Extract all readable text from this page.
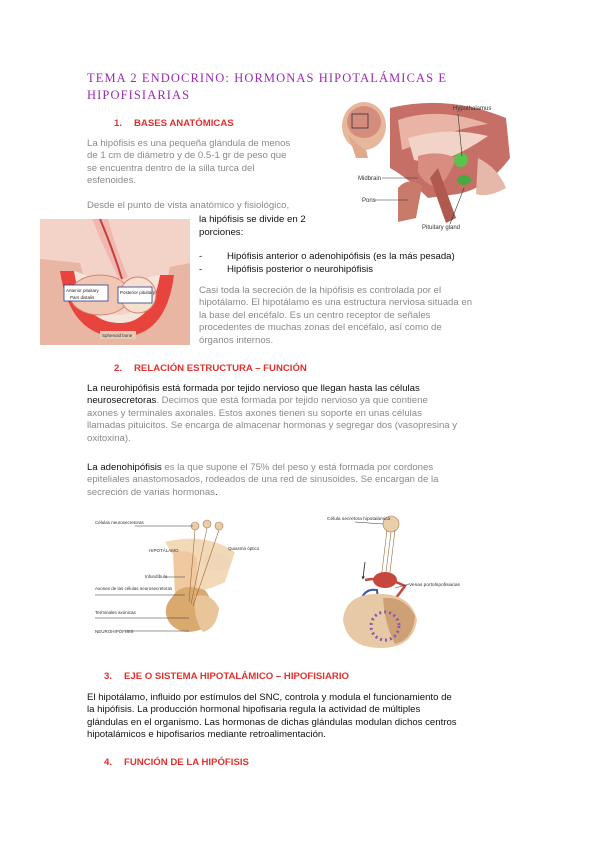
TEMA 2 ENDOCRINO: HORMONAS HIPOTALÁMICAS E
HIPOFISIARIAS
1. BASES ANATÓMICAS
La hipófisis es una pequeña glándula de menos
de 1 cm de diámetro y de 0.5-1 gr de peso que
se encuentra dentro de la silla turca del
esfenoides.
Desde el punto de vista anatómico y fisiológico,
la hipófisis se divide en 2
porciones:
-	Hipófisis anterior o adenohipófisis (es la más pesada)
-	Hipófisis posterior o neurohipófisis
Casi toda la secreción de la hipófisis es controlada por el
hipotálamo. El hipotálamo es una estructura nerviosa situada en
la base del encéfalo. Es un centro receptor de señales
procedentes de muchas zonas del encéfalo, así como de
órganos internos.
2. RELACIÓN ESTRUCTURA – FUNCIÓN
La neurohipófisis está formada por tejido nervioso que llegan hasta las células
neurosecretoras. Decimos que está formada por tejido nervioso ya que contiene
axones y terminales axonales. Estos axones tienen su soporte en unas células
llamadas pituicitos. Se encarga de almacenar hormonas y segregar dos (vasopresina y
oxitoxina).
La adenohipófisis es la que supone el 75% del peso y está formada por cordones
epiteliales anastomosados, rodeados de una red de sinusoides. Se encargan de la
secreción de varias hormonas.
3. EJE O SISTEMA HIPOTALÁMICO – HIPOFISIARIO
El hipotálamo, influido por estímulos del SNC, controla y modula el funcionamiento de
la hipófisis. La producción hormonal hipofisaria regula la actividad de múltiples
glándulas en el organismo. Las hormonas de dichas glándulas modulan dichos centros
hipotalámicos e hipofisarios mediante retroalimentación.
4. FUNCIÓN DE LA HIPÓFISIS
Hypothalamus
Midbrain
Pons
Pituitary gland
Anterior pituitary
Pars distalis
Posterior pituitary
Sphenoid bone
Células neurosecretoras
HIPOTÁLAMO	Quiasma óptico
Infundíbulo
Axones de las células neurosecretoras
Terminales axónicas
NEUROHIPÓFISIS
Célula secretora hipotalámica
Venas portohipofisiarias
